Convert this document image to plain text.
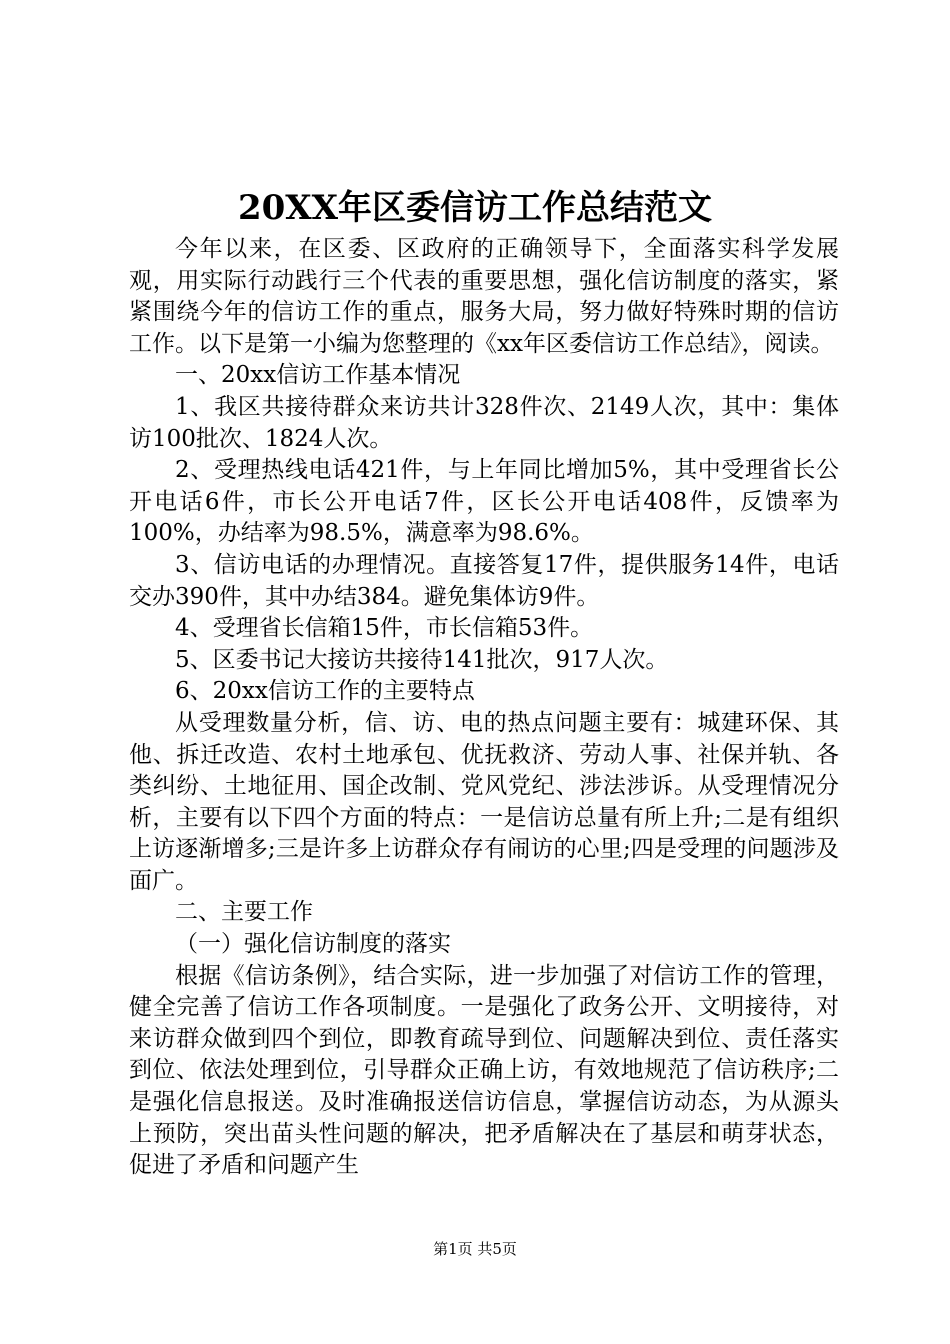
20XX年区委信访工作总结范文

今年以来，在区委、区政府的正确领导下，全面落实科学发展观，用实际行动践行三个代表的重要思想，强化信访制度的落实，紧紧围绕今年的信访工作的重点，服务大局，努力做好特殊时期的信访工作。以下是第一小编为您整理的《xx年区委信访工作总结》，阅读。

一、20xx信访工作基本情况

1、我区共接待群众来访共计328件次、2149人次，其中：集体访100批次、1824人次。

2、受理热线电话421件，与上年同比增加5%，其中受理省长公开电话6件，市长公开电话7件，区长公开电话408件，反馈率为100%，办结率为98.5%，满意率为98.6%。

3、信访电话的办理情况。直接答复17件，提供服务14件，电话交办390件，其中办结384。避免集体访9件。

4、受理省长信箱15件，市长信箱53件。

5、区委书记大接访共接待141批次，917人次。

6、20xx信访工作的主要特点

从受理数量分析，信、访、电的热点问题主要有：城建环保、其他、拆迁改造、农村土地承包、优抚救济、劳动人事、社保并轨、各类纠纷、土地征用、国企改制、党风党纪、涉法涉诉。从受理情况分析，主要有以下四个方面的特点：一是信访总量有所上升;二是有组织上访逐渐增多;三是许多上访群众存有闹访的心里;四是受理的问题涉及面广。

二、主要工作

（一）强化信访制度的落实

根据《信访条例》，结合实际，进一步加强了对信访工作的管理，健全完善了信访工作各项制度。一是强化了政务公开、文明接待，对来访群众做到四个到位，即教育疏导到位、问题解决到位、责任落实到位、依法处理到位，引导群众正确上访，有效地规范了信访秩序;二是强化信息报送。及时准确报送信访信息，掌握信访动态，为从源头上预防，突出苗头性问题的解决，把矛盾解决在了基层和萌芽状态，促进了矛盾和问题产生

第1页 共5页
